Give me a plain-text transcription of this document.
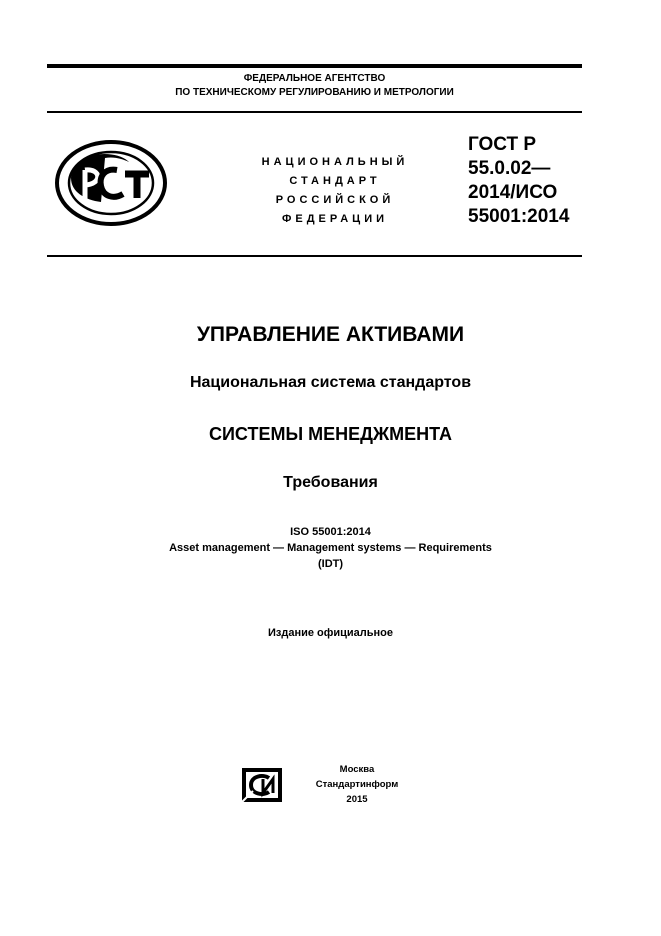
ФЕДЕРАЛЬНОЕ АГЕНТСТВО
ПО ТЕХНИЧЕСКОМУ РЕГУЛИРОВАНИЮ И МЕТРОЛОГИИ
НАЦИОНАЛЬНЫЙ
СТАНДАРТ
РОССИЙСКОЙ
ФЕДЕРАЦИИ
ГОСТ Р
55.0.02—
2014/ИСО
55001:2014
УПРАВЛЕНИЕ АКТИВАМИ
Национальная система стандартов
СИСТЕМЫ МЕНЕДЖМЕНТА
Требования
ISO 55001:2014
Asset management — Management systems — Requirements
(IDT)
Издание официальное
Москва
Стандартинформ
2015
